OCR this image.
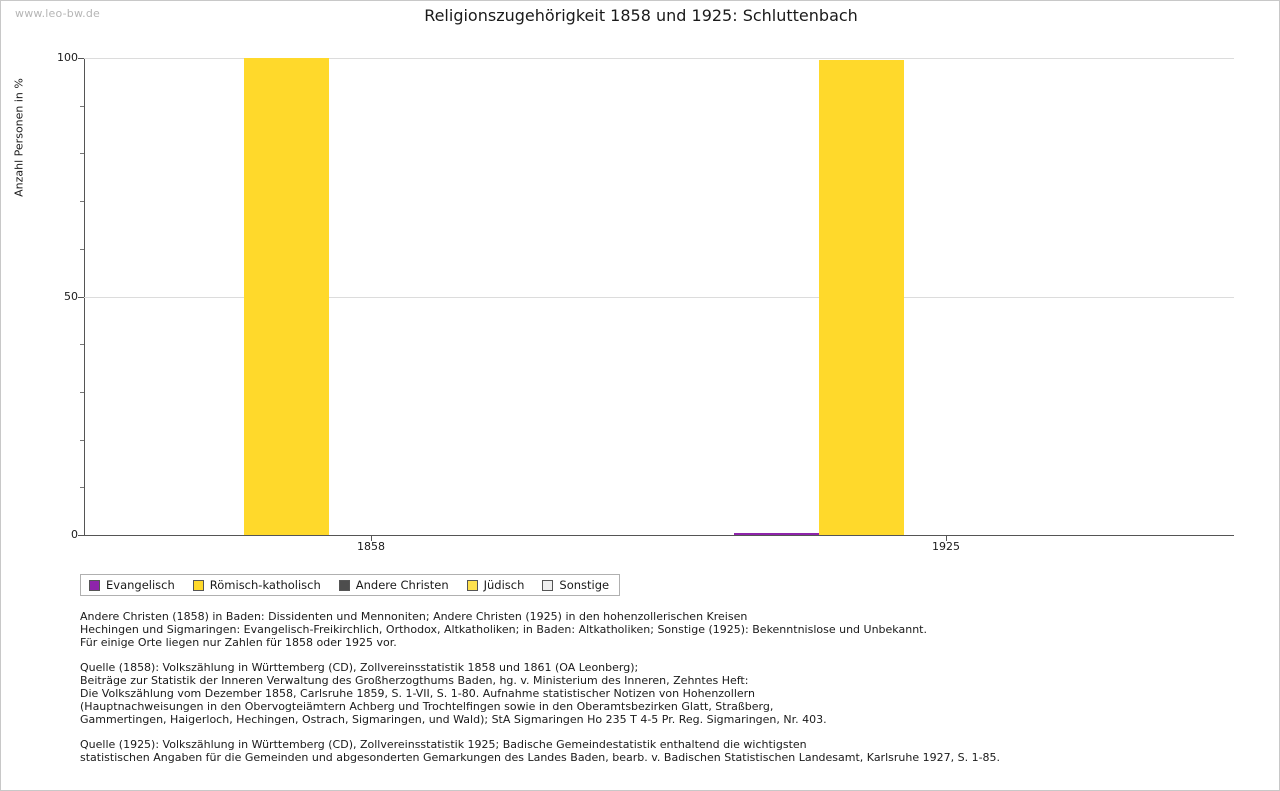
www.leo-bw.de	Religionszugehörigkeit 1858 und 1925: Schluttenbach
Anzahl Personen in %
0
50
100
Evangelisch	Römisch-katholisch	Andere Christen	Jüdisch	Sonstige

Andere Christen (1858) in Baden: Dissidenten und Mennoniten; Andere Christen (1925) in den hohenzollerischen Kreisen
Hechingen und Sigmaringen: Evangelisch-Freikirchlich, Orthodox, Altkatholiken; in Baden: Altkatholiken; Sonstige (1925): Bekenntnislose und Unbekannt.
Für einige Orte liegen nur Zahlen für 1858 oder 1925 vor.

Quelle (1858): Volkszählung in Württemberg (CD), Zollvereinsstatistik 1858 und 1861 (OA Leonberg);
Beiträge zur Statistik der Inneren Verwaltung des Großherzogthums Baden, hg. v. Ministerium des Inneren, Zehntes Heft:
Die Volkszählung vom Dezember 1858, Carlsruhe 1859, S. 1-VII, S. 1-80. Aufnahme statistischer Notizen von Hohenzollern
(Hauptnachweisungen in den Obervogteiämtern Achberg und Trochtelfingen sowie in den Oberamtsbezirken Glatt, Straßberg,
Gammertingen, Haigerloch, Hechingen, Ostrach, Sigmaringen, und Wald); StA Sigmaringen Ho 235 T 4-5 Pr. Reg. Sigmaringen, Nr. 403.

Quelle (1925): Volkszählung in Württemberg (CD), Zollvereinsstatistik 1925; Badische Gemeindestatistik enthaltend die wichtigsten
statistischen Angaben für die Gemeinden und abgesonderten Gemarkungen des Landes Baden, bearb. v. Badischen Statistischen Landesamt, Karlsruhe 1927, S. 1-85.

1858	1925
